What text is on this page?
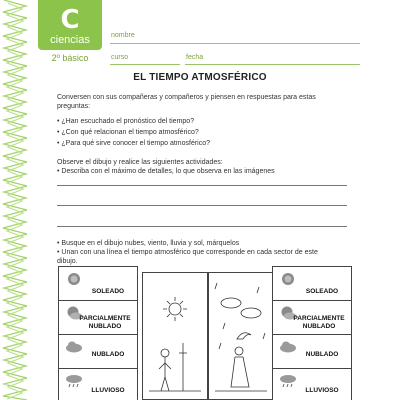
C
ciencias
2º básico
nombre
curso	fecha
EL TIEMPO ATMOSFÉRICO
Conversen con sus compañeras y compañeros y piensen en respuestas para estas
preguntas:
• ¿Han escuchado el pronóstico del tiempo?
• ¿Con qué relacionan el tiempo atmosférico?
• ¿Para qué sirve conocer el tiempo atmosférico?
Observe el dibujo y realice las siguientes actividades:
• Describa con el máximo de detalles, lo que observa en las imágenes
• Busque en el dibujo nubes, viento, lluvia y sol, márquelos
• Unan con una línea el tiempo atmosférico que corresponde en cada sector de este
dibujo.
SOLEADO
PARCIALMENTE
NUBLADO
NUBLADO
LLUVIOSO
SOLEADO
PARCIALMENTE
NUBLADO
NUBLADO
LLUVIOSO
